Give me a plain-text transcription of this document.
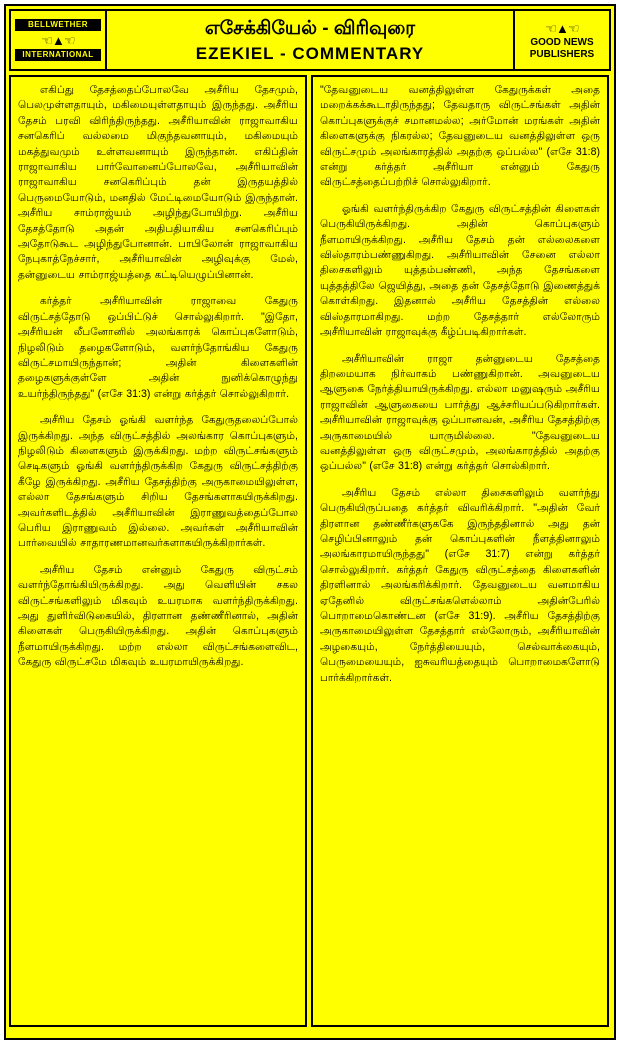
BELLWETHER
☜▲☜
INTERNATIONAL
எசேக்கியேல் - விரிவுரை
EZEKIEL - COMMENTARY
☜▲☜
GOOD NEWS
PUBLISHERS

எகிப்து தேசத்தைப்போலவே அசீரிய தேசமும், பெலமுள்ளதாயும், மகிமையுள்ளதாயும் இருந்தது. அசீரிய தேசம் பரவி விரிந்திருந்தது. அசீரியாவின் ராஜாவாகிய சனகெரிப் வல்லமை மிகுந்தவனாயும், மகிமையும் மகத்துவமும் உள்ளவனாயும் இருந்தான். எகிப்தின் ராஜாவாகிய பார்வோனைப்போலவே, அசீரியாவின் ராஜாவாகிய சனகெரிப்பும் தன் இருதயத்தில் பெருமையோடும், மனதில் மேட்டிமையோடும் இருந்தான். அசீரிய சாம்ராஜ்யம் அழிந்துபோயிற்று. அசீரிய தேசத்தோடு அதன் அதிபதியாகிய சனகெரிப்பும் அதோடுகூட அழிந்துபோனான். பாபிலோன் ராஜாவாகிய நேபுகாத்நேச்சார், அசீரியாவின் அழிவுக்கு மேல், தன்னுடைய சாம்ராஜ்யத்தை கட்டியெழுப்பினான்.

கர்த்தர் அசீரியாவின் ராஜாவை கேதுரு விருட்சத்தோடு ஒப்பிட்டுச் சொல்லுகிறார். "இதோ, அசீரியன் லீபனோனில் அலங்காரக் கொப்புகளோடும், நிழலிடும் தழைகளோடும், வளர்ந்தோங்கிய கேதுரு விருட்சமாயிருந்தான்; அதின் கிளைகளின் தழைகளுக்குள்ளே அதின் நுனிக்கொழுந்து உயர்ந்திருந்தது" (எசே 31:3) என்று கர்த்தர் சொல்லுகிறார்.

அசீரிய தேசம் ஓங்கி வளர்ந்த கேதுருதலைப்போல் இருக்கிறது. அந்த விருட்சத்தில் அலங்கார கொப்புகளும், நிழலிடும் கிளைகளும் இருக்கிறது. மற்ற விருட்சங்களும் செடிகளும் ஓங்கி வளர்ந்திருக்கிற கேதுரு விருட்சத்திற்கு கீழே இருக்கிறது. அசீரிய தேசத்திற்கு அருகாமையிலுள்ள, எல்லா தேசங்களும் சிறிய தேசங்களாகயிருக்கிறது. அவர்களிடத்தில் அசீரியாவின் இராணுவத்தைப்போல பெரிய இராணுவம் இல்லை. அவர்கள் அசீரியாவின் பார்வையில் சாதாரணமானவர்களாகயிருக்கிறார்கள்.

அசீரிய தேசம் என்னும் கேதுரு விருட்சம் வளர்ந்தோங்கியிருக்கிறது. அது வெளியின் சகல விருட்சங்களிலும் மிகவும் உயரமாக வளர்ந்திருக்கிறது. அது துளிர்விடுகையில், திரளான தண்ணீரினால், அதின் கிளைகள் பெருகியிருக்கிறது. அதின் கொப்புகளும் நீளமாயிருக்கிறது. மற்ற எல்லா விருட்சங்களைவிட, கேதுரு விருட்சமே மிகவும் உயரமாயிருக்கிறது.

"தேவனுடைய வனத்திலுள்ள கேதுருக்கள் அதை மறைக்கக்கூடாதிருந்தது; தேவதாரு விருட்சங்கள் அதின் கொப்புகளுக்குச் சமானமல்ல; அர்மோன் மரங்கள் அதின் கிளைகளுக்கு நிகரல்ல; தேவனுடைய வனத்திலுள்ள ஒரு விருட்சமும் அலங்காரத்தில் அதற்கு ஒப்பல்ல" (எசே 31:8) என்று கர்த்தர் அசீரியா என்னும் கேதுரு விருட்சத்தைப்பற்றிச் சொல்லுகிறார்.

ஓங்கி வளர்ந்திருக்கிற கேதுரு விருட்சத்தின் கிளைகள் பெருகியிருக்கிறது. அதின் கொப்புகளும் நீளமாயிருக்கிறது. அசீரிய தேசம் தன் எல்லைகளை விஸ்தாரம்பண்ணுகிறது. அசீரியாவின் சேனை எல்லா திசைகளிலும் யுத்தம்பண்ணி, அந்த தேசங்களை யுத்தத்திலே ஜெயித்து, அதை தன் தேசத்தோடு இணைத்துக் கொள்கிறது. இதனால் அசீரிய தேசத்தின் எல்லை விஸ்தாரமாகிறது. மற்ற தேசத்தார் எல்லோரும் அசீரியாவின் ராஜாவுக்கு கீழ்ப்படிகிறார்கள்.

அசீரியாவின் ராஜா தன்னுடைய தேசத்தை திறமையாக நிர்வாகம் பண்ணுகிறான். அவனுடைய ஆளுகை நேர்த்தியாயிருக்கிறது. எல்லா மனுஷரும் அசீரிய ராஜாவின் ஆளுகையை பார்த்து ஆச்சரியப்படுகிறார்கள். அசீரியாவின் ராஜாவுக்கு ஒப்பானவன், அசீரிய தேசத்திற்கு அருகாமையில் யாருமில்லை. "தேவனுடைய வனத்திலுள்ள ஒரு விருட்சமும், அலங்காரத்தில் அதற்கு ஒப்பல்ல" (எசே 31:8) என்று கர்த்தர் சொல்கிறார்.

அசீரிய தேசம் எல்லா திசைகளிலும் வளர்ந்து பெருகியிருப்பதை கர்த்தர் விவரிக்கிறார். "அதின் வேர் திரளான தண்ணீர்களுககே இருந்ததினால் அது தன் செழிப்பினாலும் தன் கொப்புகளின் நீளத்தினாலும் அலங்காரமாயிருந்தது" (எசே 31:7) என்று கர்த்தர் சொல்லுகிறார். கர்த்தர் கேதுரு விருட்சத்தை கிளைகளின் திரளினால் அலங்கரிக்கிறார். தேவனுடைய வனமாகிய ஏதேனில் விருட்சங்களெல்லாம் அதின்பேரில் பொறாமைகொண்டன (எசே 31:9). அசீரிய தேசத்திற்கு அருகாமையிலுள்ள தேசத்தார் எல்லோரும், அசீரியாவின் அழகையும், நேர்த்தியையும், செல்வாக்கையும், பெருமையையும், ஐசுவரியத்தையும் பொறாமைகளோடு பார்க்கிறார்கள்.
